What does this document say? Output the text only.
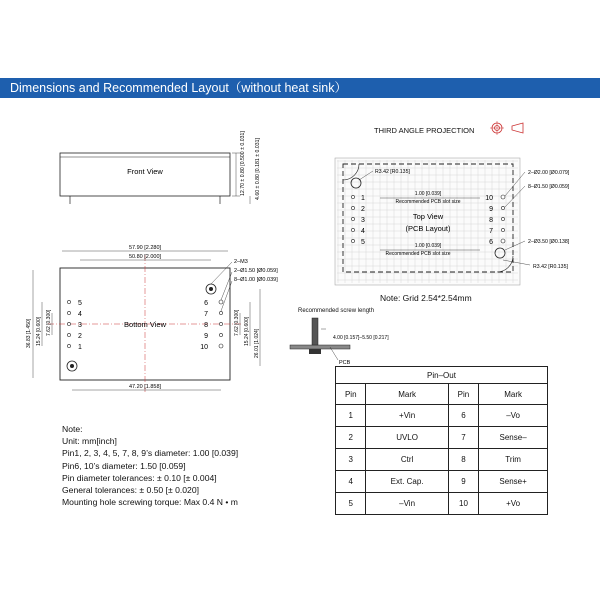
Dimensions and Recommended Layout（without heat sink）
THIRD ANGLE PROJECTION
Front View	12.70 ± 0.80 [0.500 ± 0.031] 4.60 ± 0.80 [0.181 ± 0.031]
Bottom View
57.90 [2.280]
50.80 [2.000]
47.20 [1.858]
36.83 [1.450] 15.24 [0.600] 7.62 [0.300]	7.62 [0.300] 15.24 [0.600] 26.01 [1.024]
2–M3
2–Ø1.50 [Ø0.059]
8–Ø1.00 [Ø0.039]
5
4
3
2
1
6
7
8
9
10
Top View
(PCB Layout)
R3.42 [R0.135]
R3.42 [R0.135]
1.00 [0.039]
Recommended PCB slot size
1.00 [0.039]
Recommended PCB slot size
2–Ø2.00 [Ø0.079]
8–Ø1.50 [Ø0.059]
2–Ø3.50 [Ø0.138]
1
2
3
4
5
10
9
8
7
6
4.00 [0.157]–5.50 [0.217]
PCB
Note: Grid 2.54*2.54mm
Recommended screw length
Note:
Unit: mm[inch]
Pin1, 2, 3, 4, 5, 7, 8, 9’s diameter: 1.00 [0.039]
Pin6, 10’s diameter: 1.50 [0.059]
Pin diameter tolerances: ± 0.10 [± 0.004]
General tolerances: ± 0.50 [± 0.020]
Mounting hole screwing torque: Max 0.4 N • m
Pin–Out			
Pin	Mark	Pin	Mark
1	+Vin	6	–Vo
2	UVLO	7	Sense–
3	Ctrl	8	Trim
4	Ext. Cap.	9	Sense+
5	–Vin	10	+Vo
